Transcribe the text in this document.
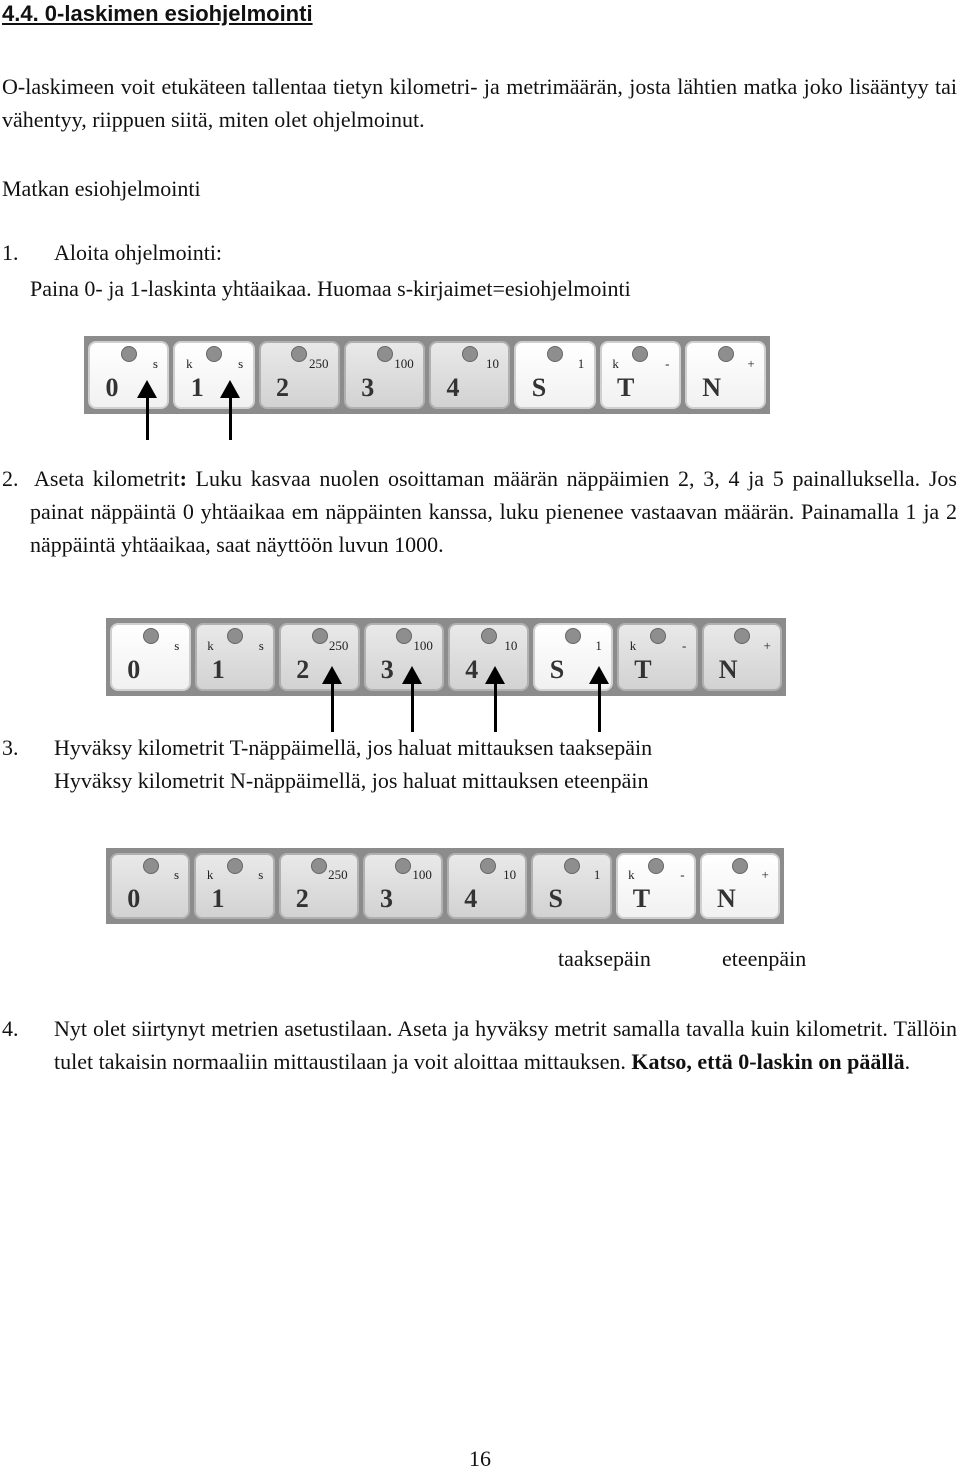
4.4. 0-laskimen esiohjelmointi
O-laskimeen voit etukäteen tallentaa tietyn kilometri- ja metrimäärän, josta lähtien matka joko lisääntyy tai vähentyy, riippuen siitä, miten olet ohjelmoinut.
Matkan esiohjelmointi
1. Aloita ohjelmointi:
Paina 0- ja 1-laskinta yhtäaikaa. Huomaa s-kirjaimet=esiohjelmointi
s
0
k	s
1
250
2
100
3
10
4
1
S
k	-
T
+
N
2. Aseta kilometrit: Luku kasvaa nuolen osoittaman määrän näppäimien 2, 3, 4 ja 5 painalluksella. Jos painat näppäintä 0 yhtäaikaa em näppäinten kanssa, luku pienenee vastaavan määrän. Painamalla 1 ja 2 näppäintä yhtäaikaa, saat näyttöön luvun 1000.
s
0
k	s
1
250
2
100
3
10
4
1
S
k	-
T
+
N
3. Hyväksy kilometrit T-näppäimellä, jos haluat mittauksen taaksepäin
Hyväksy kilometrit N-näppäimellä, jos haluat mittauksen eteenpäin
s
0
k	s
1
250
2
100
3
10
4
1
S
k	-
T
+
N
taaksepäin	eteenpäin
4. Nyt olet siirtynyt metrien asetustilaan. Aseta ja hyväksy metrit samalla tavalla kuin kilometrit. Tällöin tulet takaisin normaaliin mittaustilaan ja voit aloittaa mittauksen. Katso, että 0-laskin on päällä.
16
